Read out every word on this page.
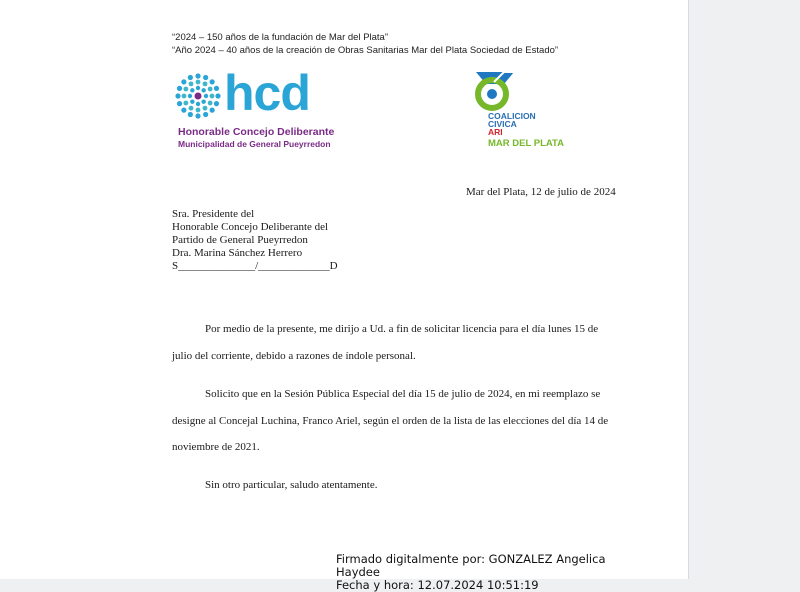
“2024 – 150 años de la fundación de Mar del Plata”
“Año 2024 – 40 años de la creación de Obras Sanitarias Mar del Plata Sociedad de Estado”
hcd
Honorable Concejo Deliberante
Municipalidad de General Pueyrredon
COALICION
CIVICA
ARI
MAR DEL PLATA
Mar del Plata, 12 de julio de 2024
Sra. Presidente del
Honorable Concejo Deliberante del
Partido de General Pueyrredon
Dra. Marina Sánchez Herrero
S______________/_____________D
Por medio de la presente, me dirijo a Ud. a fin de solicitar licencia para el día lunes 15 de
julio del corriente, debido a razones de índole personal.
Solicito que en la Sesión Pública Especial del día 15 de julio de 2024, en mi reemplazo se
designe al Concejal Luchina, Franco Ariel, según el orden de la lista de las elecciones del día 14 de
noviembre de 2021.
Sin otro particular, saludo atentamente.
Firmado digitalmente por: GONZALEZ Angelica
Haydee
Fecha y hora: 12.07.2024 10:51:19
